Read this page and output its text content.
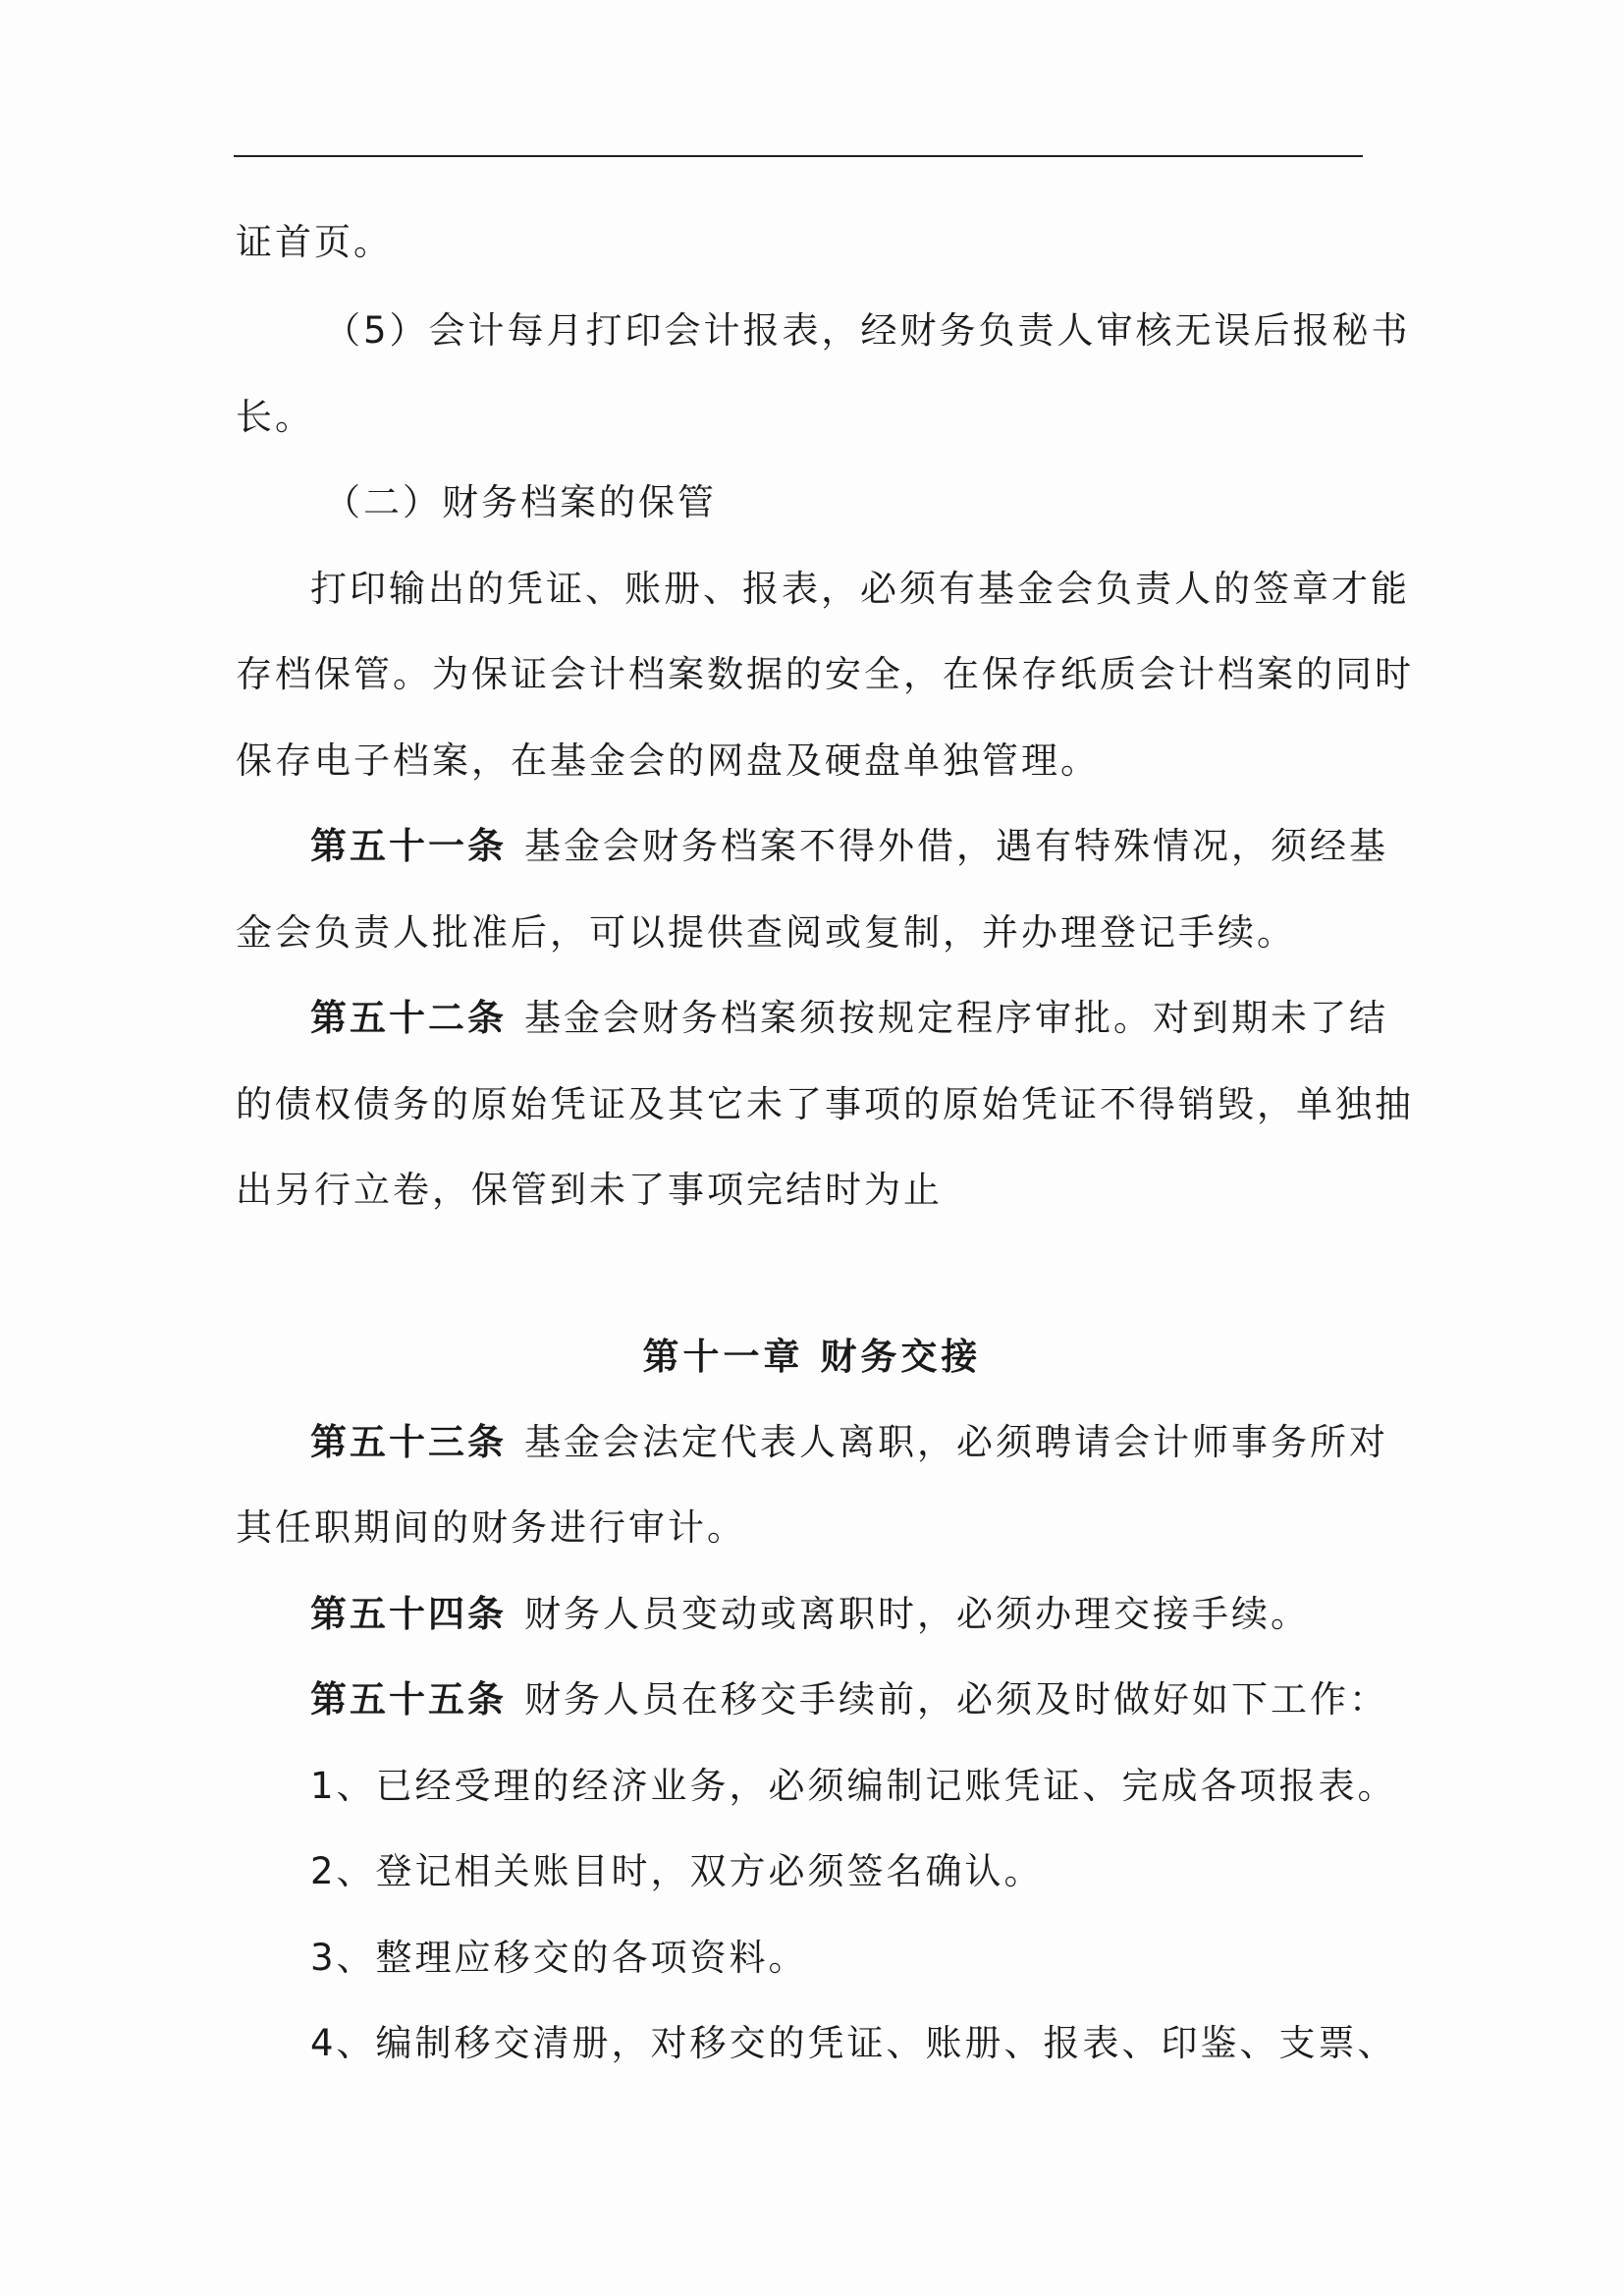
证首页。
（5）会计每月打印会计报表，经财务负责人审核无误后报秘书
长。
（二）财务档案的保管
打印输出的凭证、账册、报表，必须有基金会负责人的签章才能
存档保管。为保证会计档案数据的安全，在保存纸质会计档案的同时
保存电子档案，在基金会的网盘及硬盘单独管理。
第五十一条 基金会财务档案不得外借，遇有特殊情况，须经基
金会负责人批准后，可以提供查阅或复制，并办理登记手续。
第五十二条 基金会财务档案须按规定程序审批。对到期未了结
的债权债务的原始凭证及其它未了事项的原始凭证不得销毁，单独抽
出另行立卷，保管到未了事项完结时为止
第十一章 财务交接
第五十三条 基金会法定代表人离职，必须聘请会计师事务所对
其任职期间的财务进行审计。
第五十四条 财务人员变动或离职时，必须办理交接手续。
第五十五条 财务人员在移交手续前，必须及时做好如下工作：
1、已经受理的经济业务，必须编制记账凭证、完成各项报表。
2、登记相关账目时，双方必须签名确认。
3、整理应移交的各项资料。
4、编制移交清册，对移交的凭证、账册、报表、印鉴、支票、
